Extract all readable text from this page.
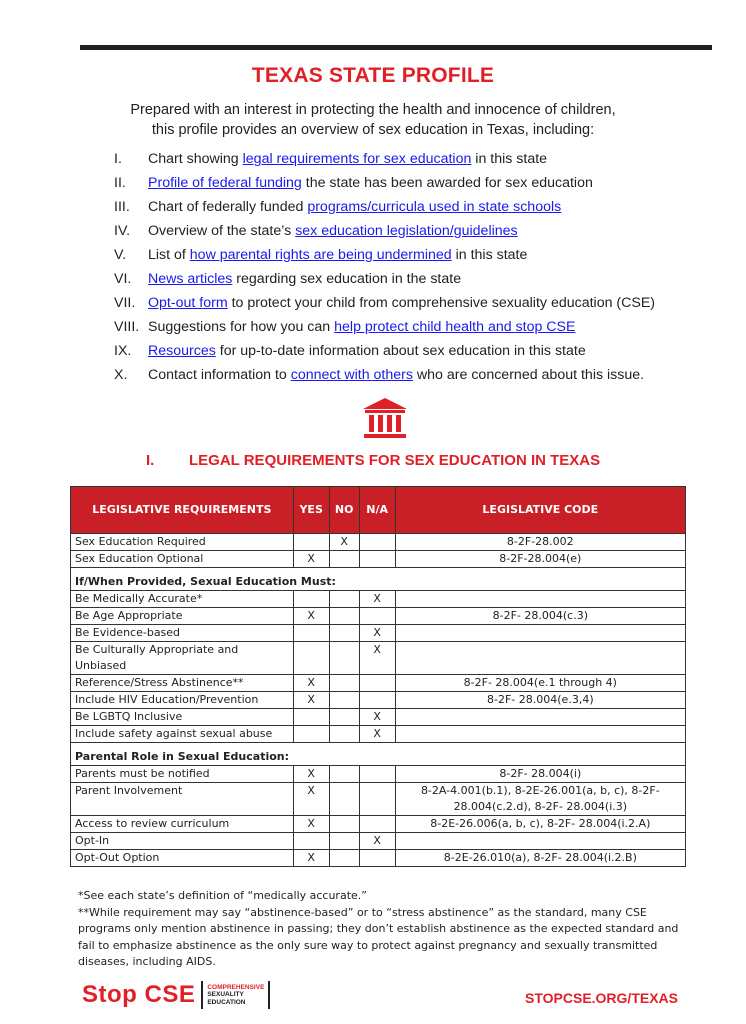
TEXAS STATE PROFILE
Prepared with an interest in protecting the health and innocence of children,
this profile provides an overview of sex education in Texas, including:
I. Chart showing legal requirements for sex education in this state
II. Profile of federal funding the state has been awarded for sex education
III. Chart of federally funded programs/curricula used in state schools
IV. Overview of the state’s sex education legislation/guidelines
V. List of how parental rights are being undermined in this state
VI. News articles regarding sex education in the state
VII. Opt-out form to protect your child from comprehensive sexuality education (CSE)
VIII. Suggestions for how you can help protect child health and stop CSE
IX. Resources for up-to-date information about sex education in this state
X. Contact information to connect with others who are concerned about this issue.
I. LEGAL REQUIREMENTS FOR SEX EDUCATION IN TEXAS
LEGISLATIVE REQUIREMENTS	YES	NO	N/A	LEGISLATIVE CODE
Sex Education Required		X		8-2F-28.002
Sex Education Optional	X			8-2F-28.004(e)
If/When Provided, Sexual Education Must:				
Be Medically Accurate*			X	
Be Age Appropriate	X			8-2F- 28.004(c.3)
Be Evidence-based			X	
Be Culturally Appropriate and Unbiased			X	
Reference/Stress Abstinence**	X			8-2F- 28.004(e.1 through 4)
Include HIV Education/Prevention	X			8-2F- 28.004(e.3,4)
Be LGBTQ Inclusive			X	
Include safety against sexual abuse			X	
Parental Role in Sexual Education:				
Parents must be notified	X			8-2F- 28.004(i)
Parent Involvement	X			8-2A-4.001(b.1), 8-2E-26.001(a, b, c), 8-2F-28.004(c.2.d), 8-2F- 28.004(i.3)
Access to review curriculum	X			8-2E-26.006(a, b, c), 8-2F- 28.004(i.2.A)
Opt-In			X	
Opt-Out Option	X			8-2E-26.010(a), 8-2F- 28.004(i.2.B)

*See each state’s definition of “medically accurate.”

**While requirement may say “abstinence-based” or to “stress abstinence” as the standard, many CSE programs only mention abstinence in passing; they don’t establish abstinence as the expected standard and fail to emphasize abstinence as the only sure way to protect against pregnancy and sexually transmitted diseases, including AIDS.

Stop CSE COMPREHENSIVE
SEXUALITY
EDUCATION	STOPCSE.ORG/TEXAS
